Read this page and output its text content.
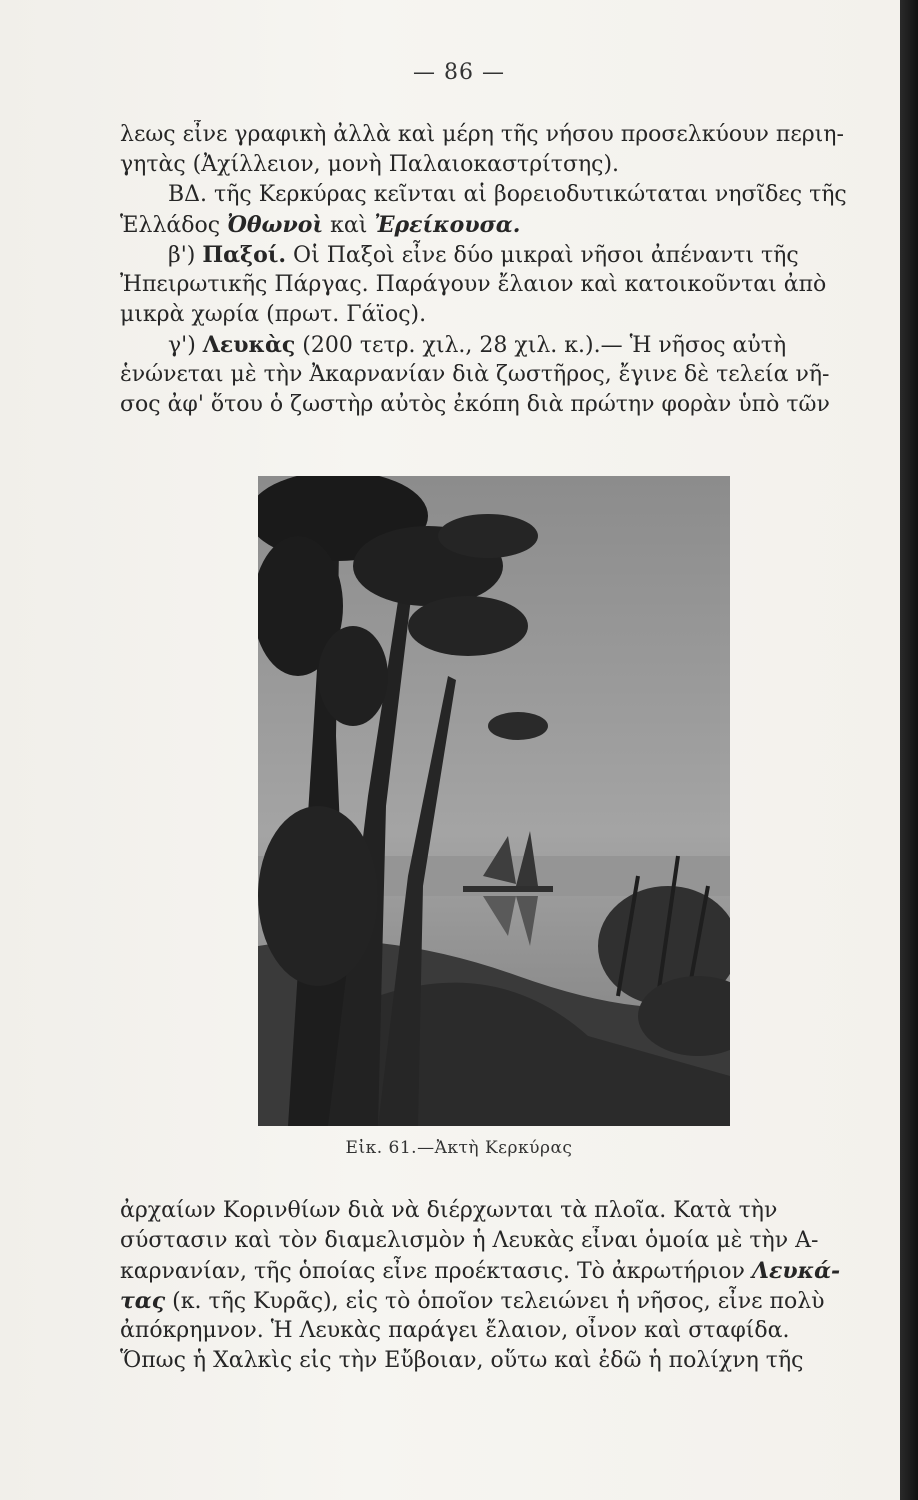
— 86 —
λεως εἶνε γραφικὴ ἀλλὰ καὶ μέρη τῆς νήσου προσελκύουν περιη-
γητὰς (Ἀχίλλειον, μονὴ Παλαιοκαστρίτσης).
ΒΔ. τῆς Κερκύρας κεῖνται αἱ βορειοδυτικώταται νησῖδες τῆς
Ἑλλάδος Ὀθωνοὶ καὶ Ἐρείκουσα.
β') Παξοί. Οἱ Παξοὶ εἶνε δύο μικραὶ νῆσοι ἀπέναντι τῆς
Ἠπειρωτικῆς Πάργας. Παράγουν ἔλαιον καὶ κατοικοῦνται ἀπὸ
μικρὰ χωρία (πρωτ. Γάϊος).
γ') Λευκὰς (200 τετρ. χιλ., 28 χιλ. κ.).— Ἡ νῆσος αὐτὴ
ἑνώνεται μὲ τὴν Ἀκαρνανίαν διὰ ζωστῆρος, ἔγινε δὲ τελεία νῆ-
σος ἀφ' ὅτου ὁ ζωστὴρ αὐτὸς ἐκόπη διὰ πρώτην φορὰν ὑπὸ τῶν
Εἰκ. 61.—Ἀκτὴ Κερκύρας
ἀρχαίων Κορινθίων διὰ νὰ διέρχωνται τὰ πλοῖα. Κατὰ τὴν
σύστασιν καὶ τὸν διαμελισμὸν ἡ Λευκὰς εἶναι ὁμοία μὲ τὴν Α-
καρνανίαν, τῆς ὁποίας εἶνε προέκτασις. Τὸ ἀκρωτήριον Λευκά-
τας (κ. τῆς Κυρᾶς), εἰς τὸ ὁποῖον τελειώνει ἡ νῆσος, εἶνε πολὺ
ἀπόκρημνον. Ἡ Λευκὰς παράγει ἔλαιον, οἶνον καὶ σταφίδα.
Ὅπως ἡ Χαλκὶς εἰς τὴν Εὔβοιαν, οὕτω καὶ ἐδῶ ἡ πολίχνη τῆς
